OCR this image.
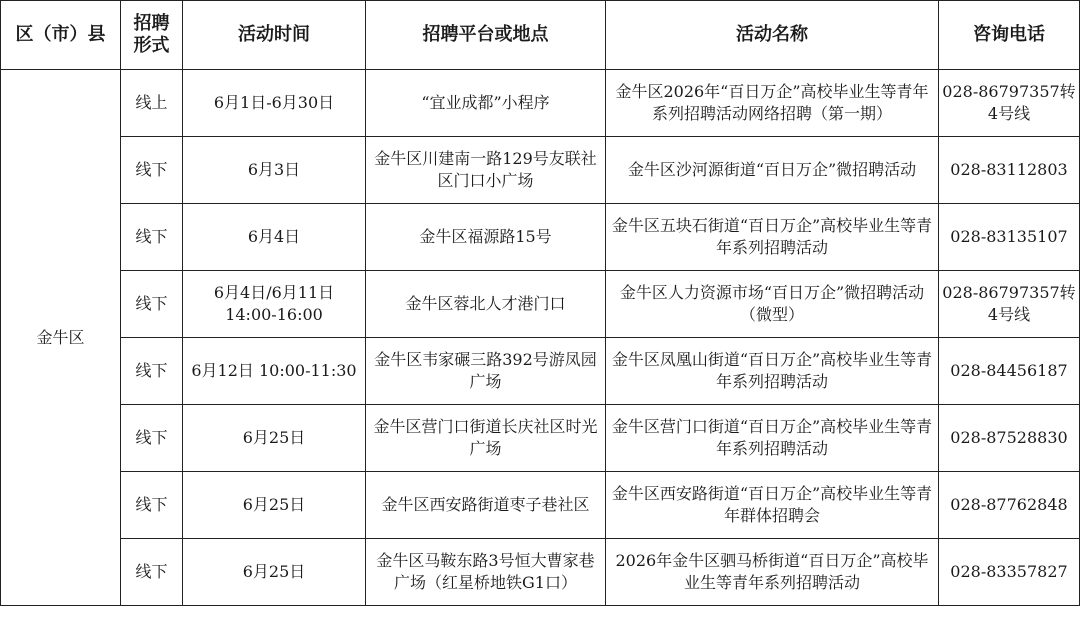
区（市）县	招聘形式	活动时间	招聘平台或地点	活动名称	咨询电话
金牛区	线上	6月1日-6月30日	“宜业成都”小程序	金牛区2026年“百日万企”高校毕业生等青年系列招聘活动网络招聘（第一期）	028-86797357转4号线
	线下	6月3日	金牛区川建南一路129号友联社区门口小广场	金牛区沙河源街道“百日万企”微招聘活动	028-83112803
	线下	6月4日	金牛区福源路15号	金牛区五块石街道“百日万企”高校毕业生等青年系列招聘活动	028-83135107
	线下	6月4日/6月11日 14:00-16:00	金牛区蓉北人才港门口	金牛区人力资源市场“百日万企”微招聘活动（微型）	028-86797357转4号线
	线下	6月12日 10:00-11:30	金牛区韦家碾三路392号游凤园广场	金牛区凤凰山街道“百日万企”高校毕业生等青年系列招聘活动	028-84456187
	线下	6月25日	金牛区营门口街道长庆社区时光广场	金牛区营门口街道“百日万企”高校毕业生等青年系列招聘活动	028-87528830
	线下	6月25日	金牛区西安路街道枣子巷社区	金牛区西安路街道“百日万企”高校毕业生等青年群体招聘会	028-87762848
	线下	6月25日	金牛区马鞍东路3号恒大曹家巷广场（红星桥地铁G1口）	2026年金牛区驷马桥街道“百日万企”高校毕业生等青年系列招聘活动	028-83357827
